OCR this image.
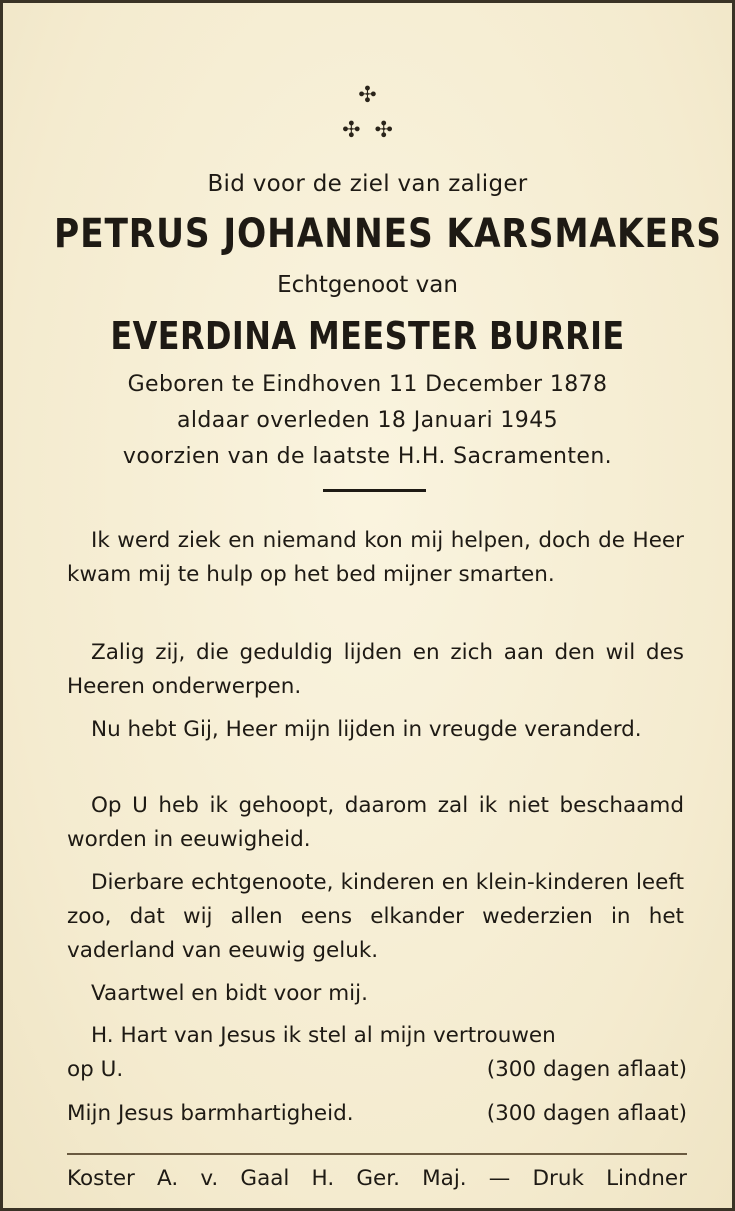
✣
✣✣
Bid voor de ziel van zaliger
PETRUS JOHANNES KARSMAKERS
Echtgenoot van
EVERDINA MEESTER BURRIE
Geboren te Eindhoven 11 December 1878
aldaar overleden 18 Januari 1945
voorzien van de laatste H.H. Sacramenten.
Ik werd ziek en niemand kon mij helpen, doch de Heer kwam mij te hulp op het bed mijner smarten.
Zalig zij, die geduldig lijden en zich aan den wil des Heeren onderwerpen.
Nu hebt Gij, Heer mijn lijden in vreugde veranderd.
Op U heb ik gehoopt, daarom zal ik niet beschaamd worden in eeuwigheid.
Dierbare echtgenoote, kinderen en klein-kinderen leeft zoo, dat wij allen eens elkander wederzien in het vaderland van eeuwig geluk.
Vaartwel en bidt voor mij.
H. Hart van Jesus ik stel al mijn vertrouwen
op U.	(300 dagen aflaat)
Mijn Jesus barmhartigheid.	(300 dagen aflaat)
Koster A. v. Gaal H. Ger. Maj. — Druk Lindner
